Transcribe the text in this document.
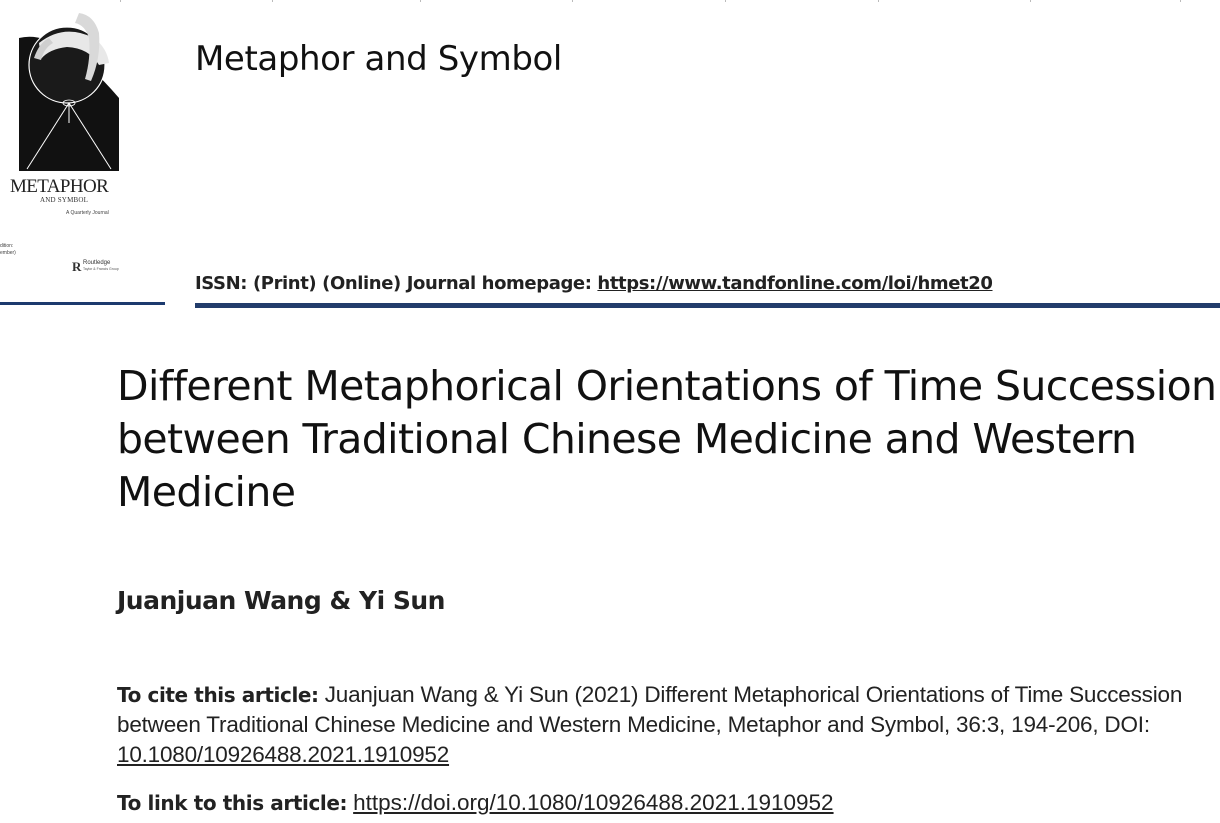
METAPHOR
AND SYMBOL
A Quarterly Journal
dition:
ember)
R Routledge
Taylor & Francis Group
Metaphor and Symbol
ISSN: (Print) (Online) Journal homepage: https://www.tandfonline.com/loi/hmet20
Different Metaphorical Orientations of Time Succession between Traditional Chinese Medicine and Western Medicine
Juanjuan Wang & Yi Sun
To cite this article: Juanjuan Wang & Yi Sun (2021) Different Metaphorical Orientations of Time Succession between Traditional Chinese Medicine and Western Medicine, Metaphor and Symbol, 36:3, 194-206, DOI: 10.1080/10926488.2021.1910952
To link to this article: https://doi.org/10.1080/10926488.2021.1910952
